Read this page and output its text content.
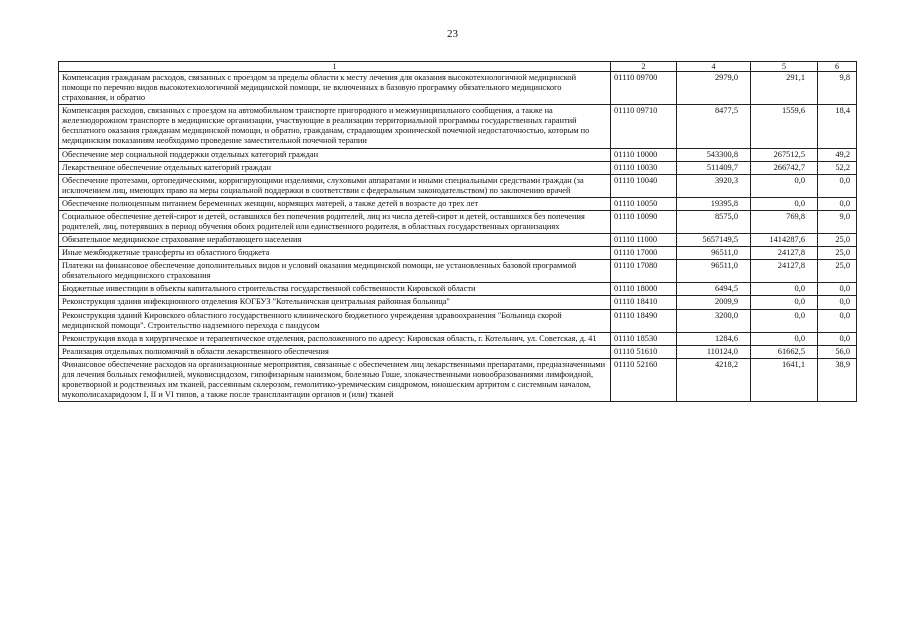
23
1	2	4	5	6
Компенсация гражданам расходов, связанных с проездом за пределы области к месту лечения для оказания высокотехнологичной медицинской помощи по перечню видов высокотехнологичной медицинской помощи, не включенных в базовую программу обязательного медицинского страхования, и обратно	01110 09700	2979,0	291,1	9,8
Компенсация расходов, связанных с проездом на автомобильном транспорте пригородного и межмуниципального сообщения, а также на железнодорожном транспорте в медицинские организации, участвующие в реализации территориальной программы государственных гарантий бесплатного оказания гражданам медицинской помощи, и обратно, гражданам, страдающим хронической почечной недостаточностью, которым по медицинским показаниям необходимо проведение заместительной почечной терапии	01110 09710	8477,5	1559,6	18,4
Обеспечение мер социальной поддержки отдельных категорий граждан	01110 10000	543300,8	267512,5	49,2
Лекарственное обеспечение отдельных категорий граждан	01110 10030	511409,7	266742,7	52,2
Обеспечение протезами, ортопедическими, корригирующими изделиями, слуховыми аппаратами и иными специальными средствами граждан (за исключением лиц, имеющих право на меры социальной поддержки в соответствии с федеральным законодательством) по заключению врачей	01110 10040	3920,3	0,0	0,0
Обеспечение полноценным питанием беременных женщин, кормящих матерей, а также детей в возрасте до трех лет	01110 10050	19395,8	0,0	0,0
Социальное обеспечение детей-сирот и детей, оставшихся без попечения родителей, лиц из числа детей-сирот и детей, оставшихся без попечения родителей, лиц, потерявших в период обучения обоих родителей или единственного родителя, в областных государственных организациях	01110 10090	8575,0	769,8	9,0
Обязательное медицинское страхование неработающего населения	01110 11000	5657149,5	1414287,6	25,0
Иные межбюджетные трансферты из областного бюджета	01110 17000	96511,0	24127,8	25,0
Платежи на финансовое обеспечение дополнительных видов и условий оказания медицинской помощи, не установленных базовой программой обязательного медицинского страхования	01110 17080	96511,0	24127,8	25,0
Бюджетные инвестиции в объекты капитального строительства государственной собственности Кировской области	01110 18000	6494,5	0,0	0,0
Реконструкция здания инфекционного отделения КОГБУЗ "Котельничская центральная районная больница"	01110 18410	2009,9	0,0	0,0
Реконструкция зданий Кировского областного государственного клинического бюджетного учреждения здравоохранения "Больница скорой медицинской помощи". Строительство надземного перехода с пандусом	01110 18490	3200,0	0,0	0,0
Реконструкция входа в хирургическое и терапевтическое отделения, расположенного по адресу: Кировская область, г. Котельнич, ул. Советская, д. 41	01110 18530	1284,6	0,0	0,0
Реализация отдельных полномочий в области лекарственного обеспечения	01110 51610	110124,0	61662,5	56,0
Финансовое обеспечение расходов на организационные мероприятия, связанные с обеспечением лиц лекарственными препаратами, предназначенными для лечения больных гемофилией, муковисцидозом, гипофизарным нанизмом, болезнью Гоше, злокачественными новообразованиями лимфоидной, кроветворной и родственных им тканей, рассеянным склерозом, гемолитико-уремическим синдромом, юношеским артритом с системным началом, мукополисахаридозом I, II и VI типов, а также после трансплантации органов и (или) тканей	01110 52160	4218,2	1641,1	38,9
